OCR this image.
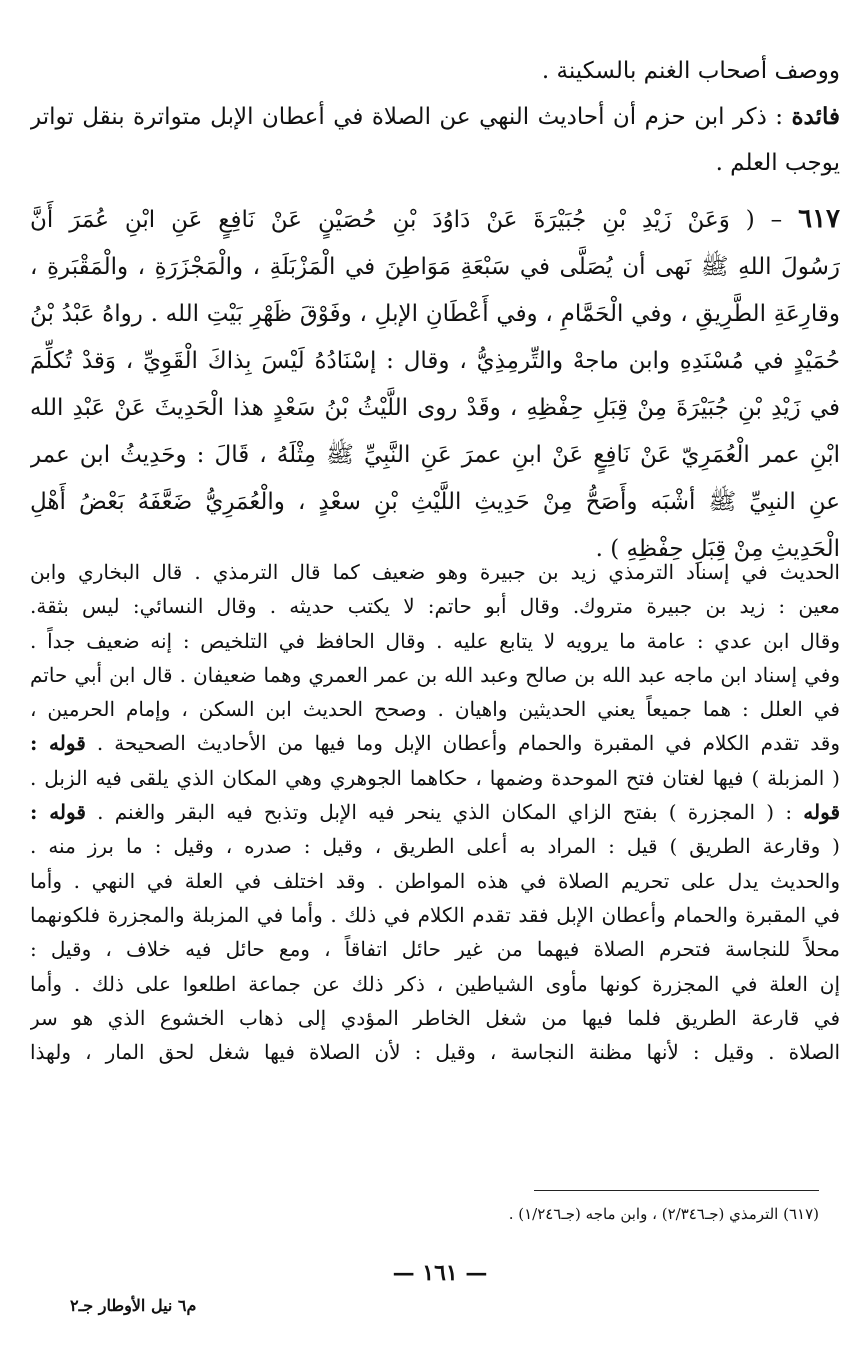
ووصف أصحاب الغنم بالسكينة .
فائدة : ذكر ابن حزم أن أحاديث النهي عن الصلاة في أعطان الإبل متواترة بنقل تواتر
يوجب العلم .
٦١٧ – ( وَعَنْ زَيْدِ بْنِ جُبَيْرَةَ عَنْ دَاوُدَ بْنِ حُصَيْنٍ عَنْ نَافِعٍ عَنِ ابْنِ عُمَرَ أَنَّ
رَسُولَ اللهِ ﷺ نَهى أن يُصَلَّى في سَبْعَةِ مَوَاطِنَ في الْمَزْبَلَةِ ، والْمَجْزَرَةِ ، والْمَقْبَرةِ ،
وقارِعَةِ الطَّرِيقِ ، وفي الْحَمَّامِ ، وفي أَعْطَانِ الإبلِ ، وفَوْقَ ظَهْرِ بَيْتِ الله . رواهُ عَبْدُ بْنُ
حُمَيْدٍ في مُسْنَدِهِ وابن ماجهْ والتِّرمِذِيُّ ، وقال : إسْنَادُهُ لَيْسَ بِذاكَ الْقَوِيِّ ، وَقدْ تُكلِّمَ
في زَيْدِ بْنِ جُبَيْرَةَ مِنْ قِبَلِ حِفْظِهِ ، وقَدْ روى اللَّيْثُ بْنُ سَعْدٍ هذا الْحَدِيثَ عَنْ عَبْدِ الله
ابْنِ عمر الْعُمَرِيّ عَنْ نَافِعٍ عَنْ ابنِ عمرَ عَنِ النَّبِيِّ ﷺ مِثْلَهُ ، قَالَ : وحَدِيثُ ابن عمر
عنِ النبِيِّ ﷺ أشْبَه وأَصَحُّ مِنْ حَدِيثِ اللَّيْثِ بْنِ سعْدٍ ، والْعُمَرِيُّ ضَعَّفَهُ بَعْضُ أَهْلِ
الْحَدِيثِ مِنْ قِبَلِ حِفْظِهِ ) .
الحديث في إسناد الترمذي زيد بن جبيرة وهو ضعيف كما قال الترمذي . قال البخاري وابن
معين : زيد بن جبيرة متروك. وقال أبو حاتم: لا يكتب حديثه . وقال النسائي: ليس بثقة.
وقال ابن عدي : عامة ما يرويه لا يتابع عليه . وقال الحافظ في التلخيص : إنه ضعيف جداً .
وفي إسناد ابن ماجه عبد الله بن صالح وعبد الله بن عمر العمري وهما ضعيفان . قال ابن أبي حاتم
في العلل : هما جميعاً يعني الحديثين واهيان . وصحح الحديث ابن السكن ، وإمام الحرمين ،
وقد تقدم الكلام في المقبرة والحمام وأعطان الإبل وما فيها من الأحاديث الصحيحة . قوله :
( المزبلة ) فيها لغتان فتح الموحدة وضمها ، حكاهما الجوهري وهي المكان الذي يلقى فيه الزبل .
قوله : ( المجزرة ) بفتح الزاي المكان الذي ينحر فيه الإبل وتذبح فيه البقر والغنم . قوله :
( وقارعة الطريق ) قيل : المراد به أعلى الطريق ، وقيل : صدره ، وقيل : ما برز منه .
والحديث يدل على تحريم الصلاة في هذه المواطن . وقد اختلف في العلة في النهي . وأما
في المقبرة والحمام وأعطان الإبل فقد تقدم الكلام في ذلك . وأما في المزبلة والمجزرة فلكونهما
محلاً للنجاسة فتحرم الصلاة فيهما من غير حائل اتفاقاً ، ومع حائل فيه خلاف ، وقيل :
إن العلة في المجزرة كونها مأوى الشياطين ، ذكر ذلك عن جماعة اطلعوا على ذلك . وأما
في قارعة الطريق فلما فيها من شغل الخاطر المؤدي إلى ذهاب الخشوع الذي هو سر
الصلاة . وقيل : لأنها مظنة النجاسة ، وقيل : لأن الصلاة فيها شغل لحق المار ، ولهذا
(٦١٧) الترمذي (جـ٢/٣٤٦) ، وابن ماجه (جـ١/٢٤٦) .
— ١٦١ —
م٦ نيل الأوطار جـ٢
